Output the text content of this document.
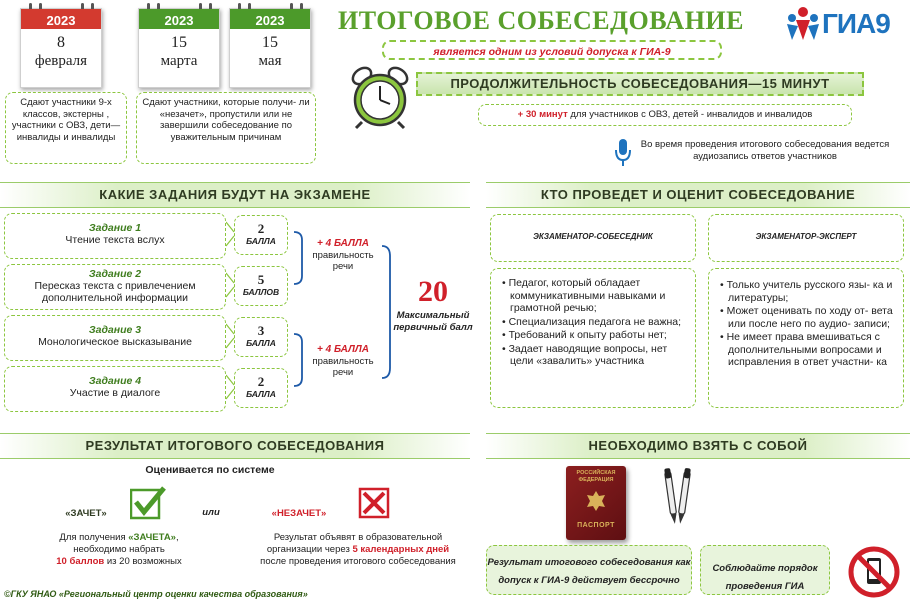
2023
8
февраля
2023
15
марта
2023
15
мая
Сдают участники 9-х классов, экстерны , участники с ОВЗ, дети—инвалиды и инвалиды
Сдают участники, которые получи- ли «незачет», пропустили или не завершили собеседование по уважительным причинам
ИТОГОВОЕ СОБЕСЕДОВАНИЕ	ГИА9
является одним из условий допуска к ГИА-9
ПРОДОЛЖИТЕЛЬНОСТЬ СОБЕСЕДОВАНИЯ—15 МИНУТ
+ 30 минут для участников с ОВЗ, детей - инвалидов и инвалидов
Во время проведения итогового собеседования ведется аудиозапись ответов участников
КАКИЕ ЗАДАНИЯ БУДУТ НА ЭКЗАМЕНЕ
Задание 1
Чтение текста вслух
Задание 2
Пересказ текста с привлечением дополнительной информации
Задание 3
Монологическое высказывание
Задание 4
Участие в диалоге
2
БАЛЛА
5
БАЛЛОВ
3
БАЛЛА
2
БАЛЛА
+ 4 БАЛЛА
правильность речи
+ 4 БАЛЛА
правильность речи
20
Максимальный первичный балл
КТО ПРОВЕДЕТ И ОЦЕНИТ СОБЕСЕДОВАНИЕ
ЭКЗАМЕНАТОР-СОБЕСЕДНИК	ЭКЗАМЕНАТОР-ЭКСПЕРТ
• Педагог, который обладает коммуникативными навыками и грамотной речью;
• Специализация педагога не важна;
• Требований к опыту работы нет;
• Задает наводящие вопросы, нет цели «завалить» участника
• Только учитель русского язы- ка и литературы;
• Может оценивать по ходу от- вета или после него по аудио- записи;
• Не имеет права вмешиваться с дополнительными вопросами и исправления в ответ участни- ка
РЕЗУЛЬТАТ ИТОГОВОГО СОБЕСЕДОВАНИЯ
Оценивается по системе
«ЗАЧЕТ»	или	«НЕЗАЧЕТ»
Для получения «ЗАЧЕТА»,
необходимо набрать
10 баллов из 20 возможных
Результат объявят в образовательной организации через 5 календарных дней
после проведения итогового собеседования
НЕОБХОДИМО ВЗЯТЬ С СОБОЙ
РОССИЙСКАЯ ФЕДЕРАЦИЯ
ПАСПОРТ
Результат итогового собеседования как допуск к ГИА-9 действует бессрочно
Соблюдайте порядок проведения ГИА
©ГКУ ЯНАО «Региональный центр оценки качества образования»
